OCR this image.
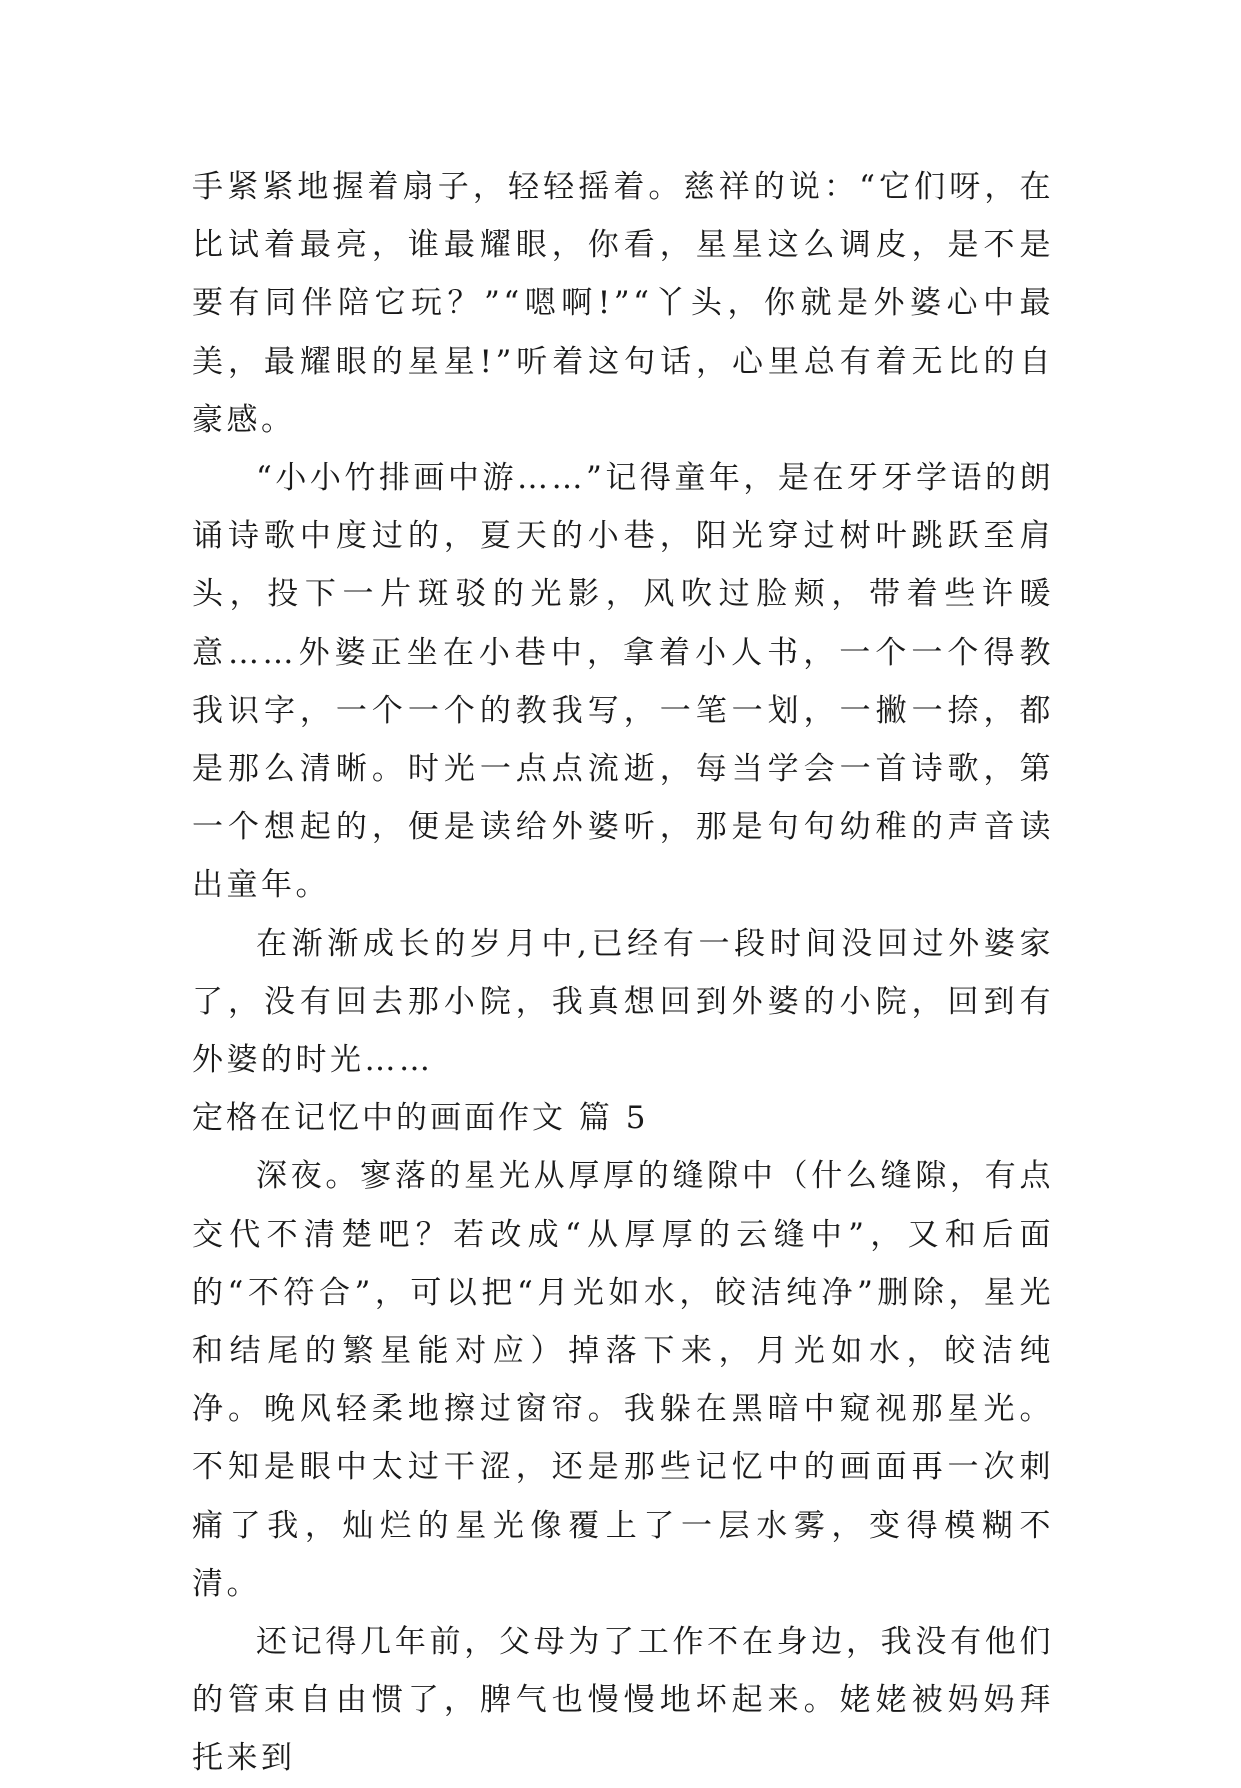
手紧紧地握着扇子，轻轻摇着。慈祥的说：“它们呀，在比试着最亮，谁最耀眼，你看，星星这么调皮，是不是要有同伴陪它玩？”“嗯啊!”“丫头，你就是外婆心中最美，最耀眼的星星!”听着这句话，心里总有着无比的自豪感。

“小小竹排画中游……”记得童年，是在牙牙学语的朗诵诗歌中度过的，夏天的小巷，阳光穿过树叶跳跃至肩头，投下一片斑驳的光影，风吹过脸颊，带着些许暖意……外婆正坐在小巷中，拿着小人书，一个一个得教我识字，一个一个的教我写，一笔一划，一撇一捺，都是那么清晰。时光一点点流逝，每当学会一首诗歌，第一个想起的，便是读给外婆听，那是句句幼稚的声音读出童年。

在渐渐成长的岁月中,已经有一段时间没回过外婆家了，没有回去那小院，我真想回到外婆的小院，回到有外婆的时光……

定格在记忆中的画面作文 篇 5

深夜。寥落的星光从厚厚的缝隙中（什么缝隙，有点交代不清楚吧？若改成“从厚厚的云缝中”，又和后面的“不符合”，可以把“月光如水，皎洁纯净”删除，星光和结尾的繁星能对应）掉落下来，月光如水，皎洁纯净。晚风轻柔地擦过窗帘。我躲在黑暗中窥视那星光。不知是眼中太过干涩，还是那些记忆中的画面再一次刺痛了我，灿烂的星光像覆上了一层水雾，变得模糊不清。

还记得几年前，父母为了工作不在身边，我没有他们的管束自由惯了，脾气也慢慢地坏起来。姥姥被妈妈拜托来到
